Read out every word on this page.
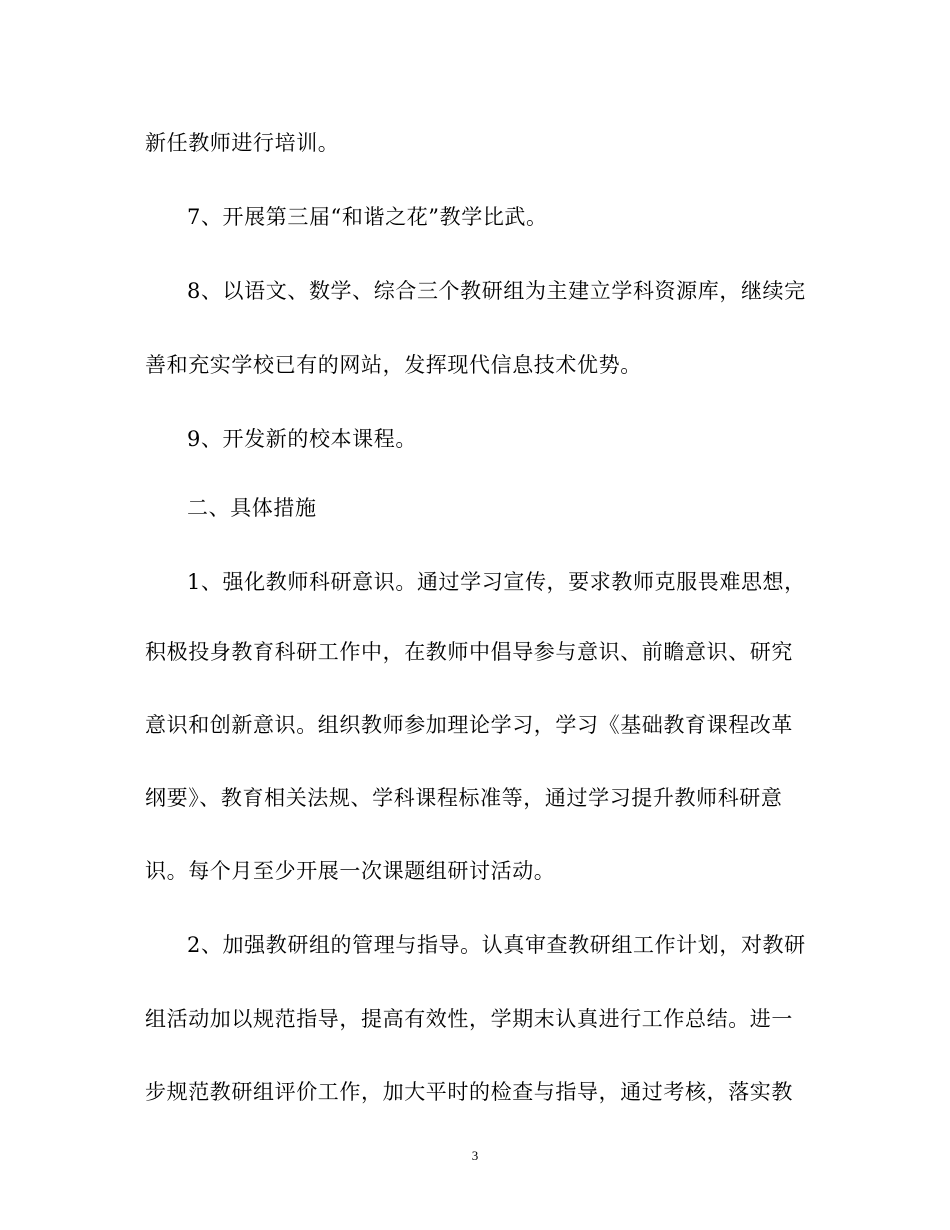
新任教师进行培训。
7、开展第三届“和谐之花”教学比武。
8、以语文、数学、综合三个教研组为主建立学科资源库，继续完
善和充实学校已有的网站，发挥现代信息技术优势。
9、开发新的校本课程。
二、具体措施
1、强化教师科研意识。通过学习宣传，要求教师克服畏难思想，
积极投身教育科研工作中，在教师中倡导参与意识、前瞻意识、研究
意识和创新意识。组织教师参加理论学习，学习《基础教育课程改革
纲要》、教育相关法规、学科课程标准等，通过学习提升教师科研意
识。每个月至少开展一次课题组研讨活动。
2、加强教研组的管理与指导。认真审查教研组工作计划，对教研
组活动加以规范指导，提高有效性，学期末认真进行工作总结。进一
步规范教研组评价工作，加大平时的检查与指导，通过考核，落实教
3
